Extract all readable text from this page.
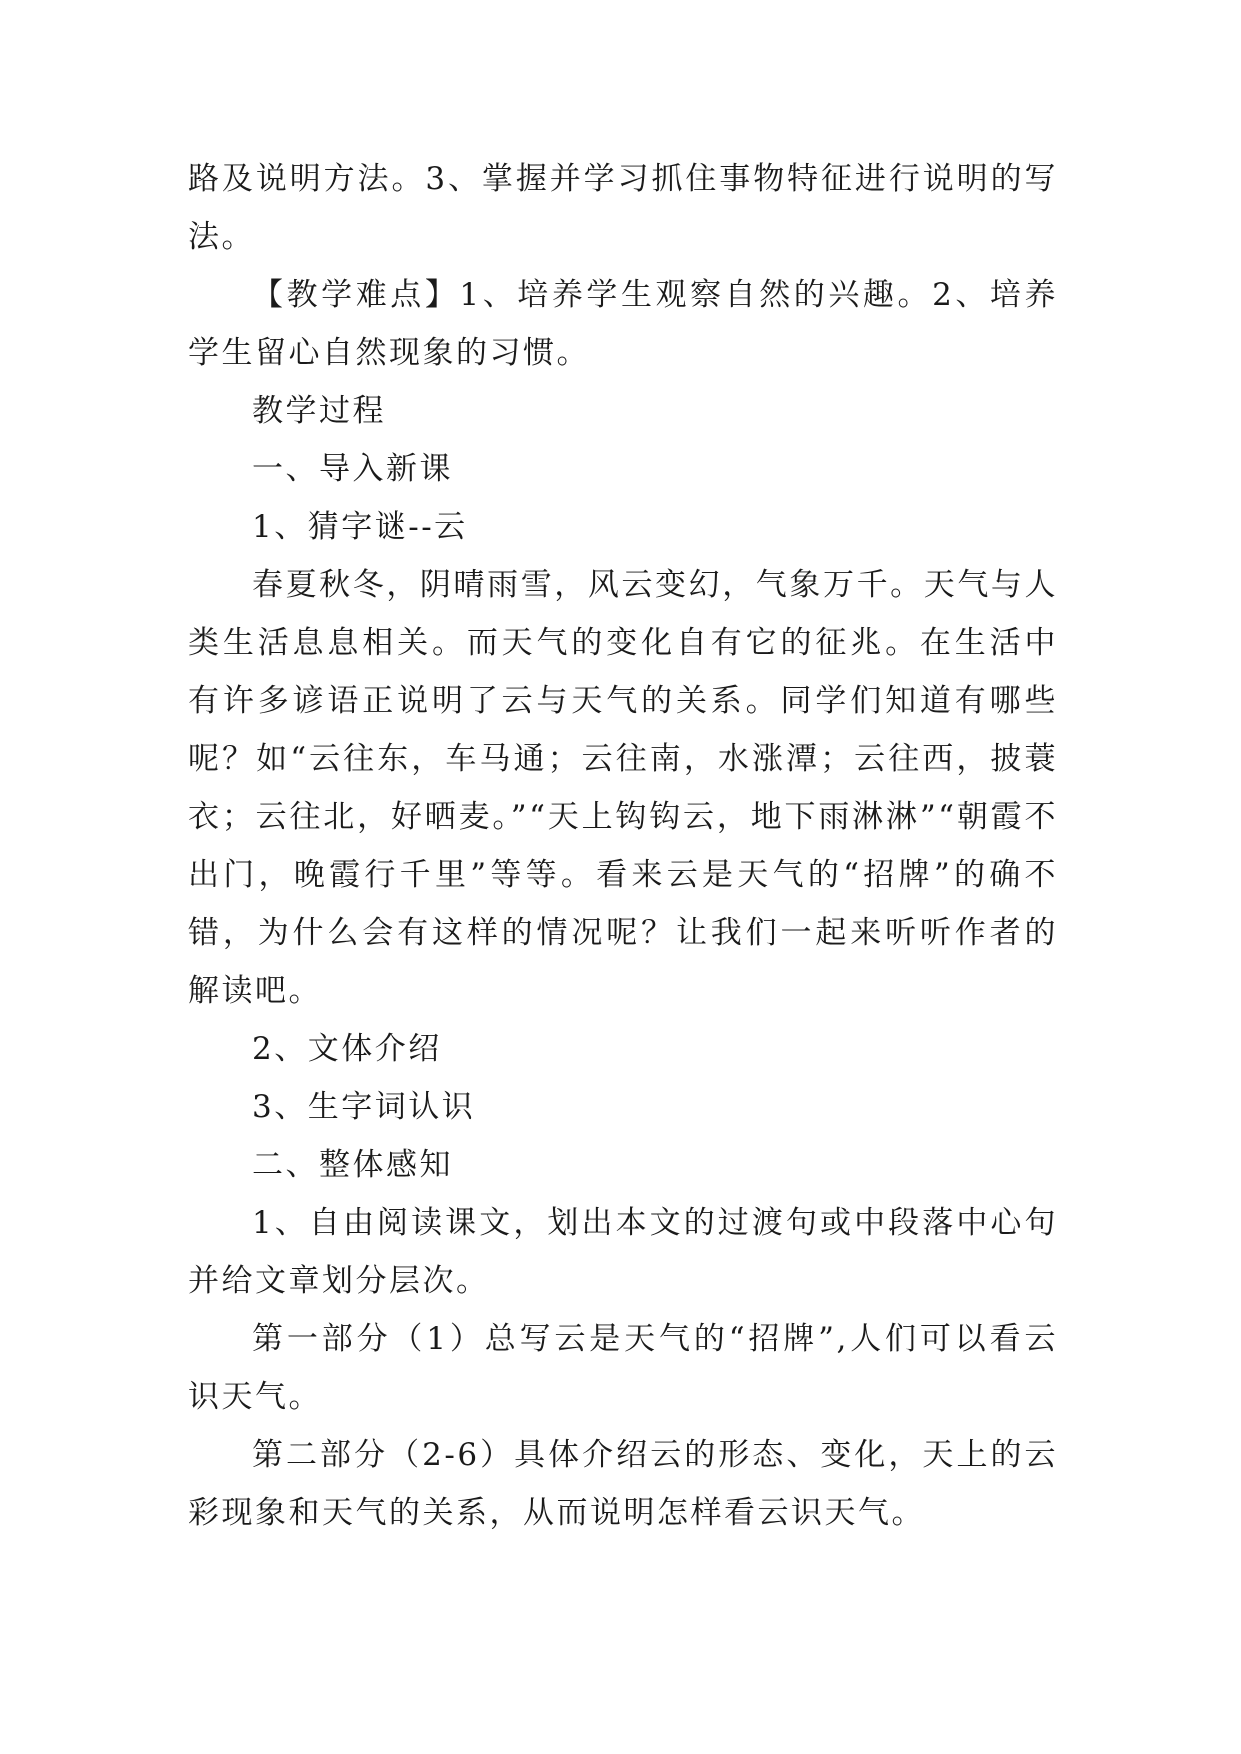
路及说明方法。3、掌握并学习抓住事物特征进行说明的写法。

【教学难点】1、培养学生观察自然的兴趣。2、培养学生留心自然现象的习惯。

教学过程

一、导入新课

1、猜字谜--云

春夏秋冬，阴晴雨雪，风云变幻，气象万千。天气与人类生活息息相关。而天气的变化自有它的征兆。在生活中有许多谚语正说明了云与天气的关系。同学们知道有哪些呢？如“云往东，车马通；云往南，水涨潭；云往西，披蓑衣；云往北，好晒麦。”“天上钩钩云，地下雨淋淋”“朝霞不出门，晚霞行千里”等等。看来云是天气的“招牌”的确不错，为什么会有这样的情况呢？让我们一起来听听作者的解读吧。

2、文体介绍

3、生字词认识

二、整体感知

1、自由阅读课文，划出本文的过渡句或中段落中心句并给文章划分层次。

第一部分（1）总写云是天气的“招牌”,人们可以看云识天气。

第二部分（2-6）具体介绍云的形态、变化，天上的云彩现象和天气的关系，从而说明怎样看云识天气。
